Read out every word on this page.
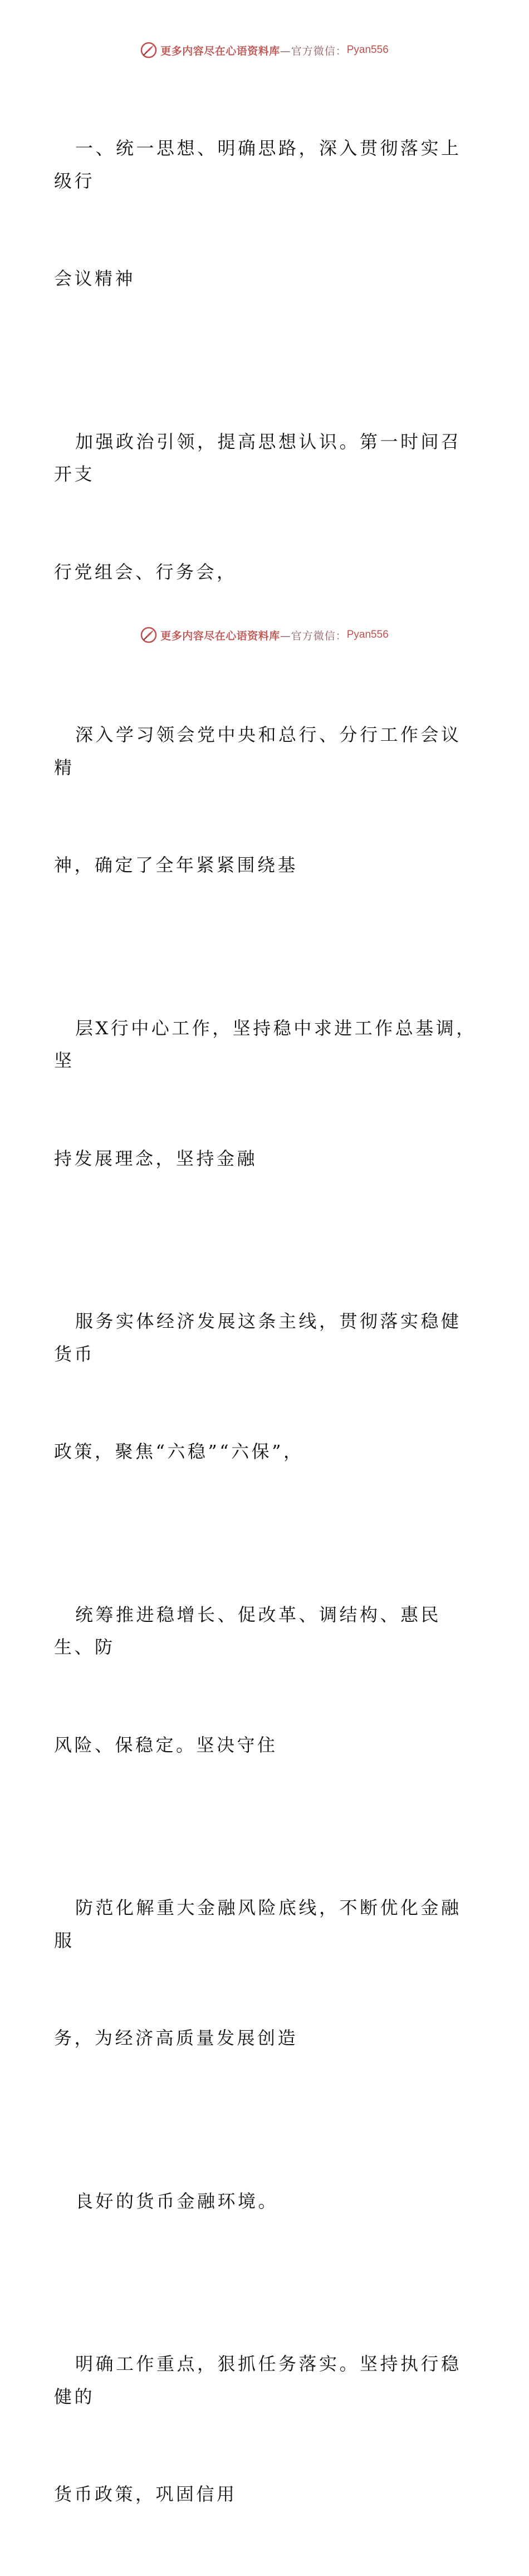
更多内容尽在心语资料库 —官方微信： Pyan556

一、统一思想、明确思路，深入贯彻落实上级行

会议精神

加强政治引领，提高思想认识。第一时间召开支

行党组会、行务会，

深入学习领会党中央和总行、分行工作会议精

神，确定了全年紧紧围绕基

层X行中心工作，坚持稳中求进工作总基调，坚

持发展理念，坚持金融

服务实体经济发展这条主线，贯彻落实稳健货币

政策，聚焦“六稳”“六保”，

统筹推进稳增长、促改革、调结构、惠民生、防

风险、保稳定。坚决守住

防范化解重大金融风险底线，不断优化金融服

务，为经济高质量发展创造

良好的货币金融环境。

明确工作重点，狠抓任务落实。坚持执行稳健的

货币政策，巩固信用

更多内容尽在心语资料库 —官方微信： Pyan556
